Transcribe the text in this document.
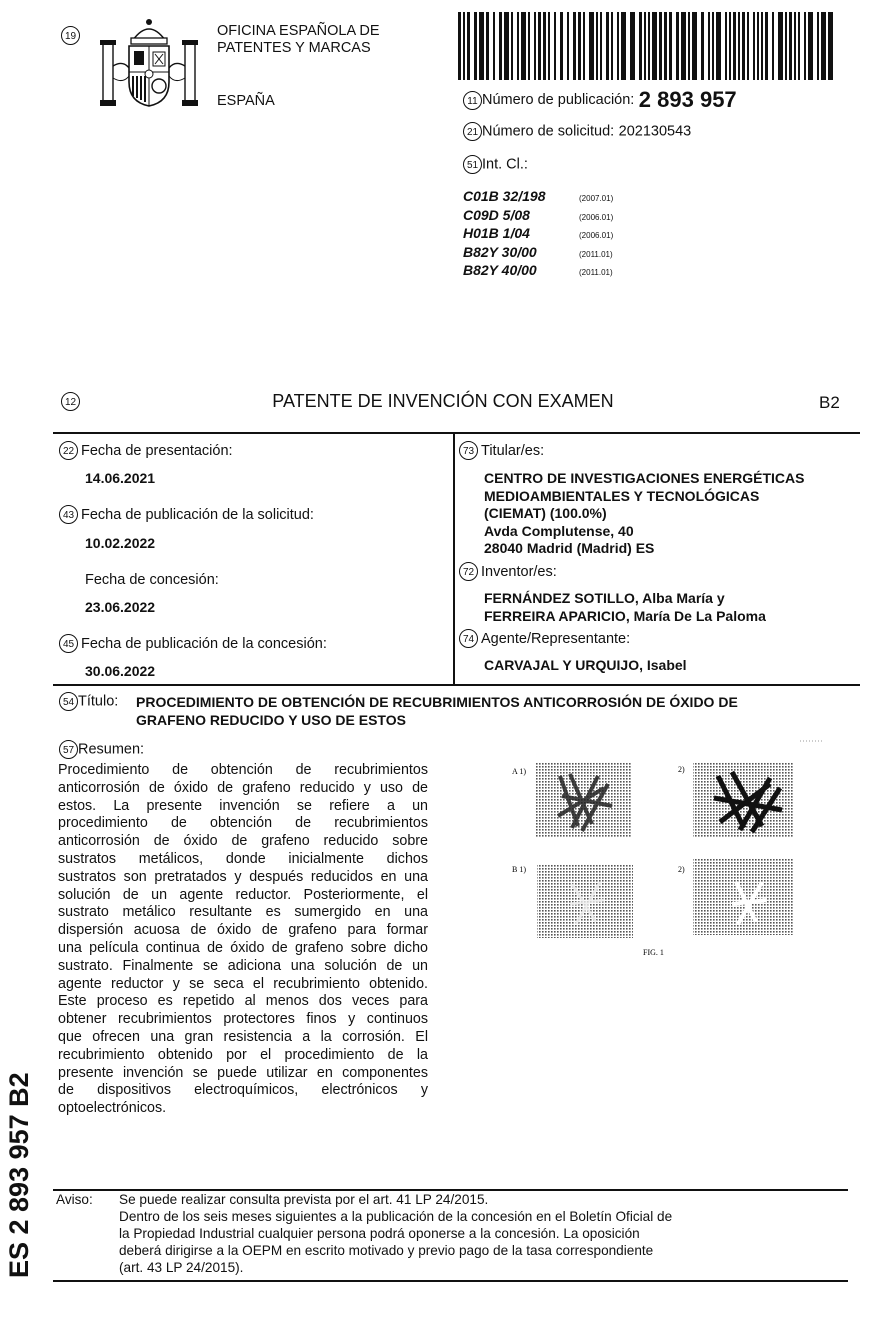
19	OFICINA ESPAÑOLA DE
PATENTES Y MARCAS
ESPAÑA	11 Número de publicación: 2 893 957
21 Número de solicitud: 202130543
51 Int. Cl.:
C01B 32/198	(2007.01)
C09D 5/08	(2006.01)
H01B 1/04	(2006.01)
B82Y 30/00	(2011.01)
B82Y 40/00	(2011.01)
12	PATENTE DE INVENCIÓN CON EXAMEN	B2
22 Fecha de presentación:
14.06.2021
43 Fecha de publicación de la solicitud:
10.02.2022
Fecha de concesión:
23.06.2022
45 Fecha de publicación de la concesión:
30.06.2022
73 Titular/es:
CENTRO DE INVESTIGACIONES ENERGÉTICAS
MEDIOAMBIENTALES Y TECNOLÓGICAS
(CIEMAT) (100.0%)
Avda Complutense, 40
28040 Madrid (Madrid) ES
72 Inventor/es:
FERNÁNDEZ SOTILLO, Alba María y
FERREIRA APARICIO, María De La Paloma
74 Agente/Representante:
CARVAJAL Y URQUIJO, Isabel
54 Título: PROCEDIMIENTO DE OBTENCIÓN DE RECUBRIMIENTOS ANTICORROSIÓN DE ÓXIDO DE
GRAFENO REDUCIDO Y USO DE ESTOS
57 Resumen:
Procedimiento de obtención de recubrimientos
anticorrosión de óxido de grafeno reducido y uso de
estos. La presente invención se refiere a un
procedimiento de obtención de recubrimientos
anticorrosión de óxido de grafeno reducido sobre
sustratos metálicos, donde inicialmente dichos
sustratos son pretratados y después reducidos en una
solución de un agente reductor. Posteriormente, el
sustrato metálico resultante es sumergido en una
dispersión acuosa de óxido de grafeno para formar
una película continua de óxido de grafeno sobre dicho
sustrato. Finalmente se adiciona una solución de un
agente reductor y se seca el recubrimiento obtenido.
Este proceso es repetido al menos dos veces para
obtener recubrimientos protectores finos y continuos
que ofrecen una gran resistencia a la corrosión. El
recubrimiento obtenido por el procedimiento de la
presente invención se puede utilizar en componentes
de dispositivos electroquímicos, electrónicos y
optoelectrónicos.
A 1)	2)
B 1)	2)
FIG. 1
ES 2 893 957 B2 Aviso: Se puede realizar consulta prevista por el art. 41 LP 24/2015.
Dentro de los seis meses siguientes a la publicación de la concesión en el Boletín Oficial de
la Propiedad Industrial cualquier persona podrá oponerse a la concesión. La oposición
deberá dirigirse a la OEPM en escrito motivado y previo pago de la tasa correspondiente
(art. 43 LP 24/2015).
